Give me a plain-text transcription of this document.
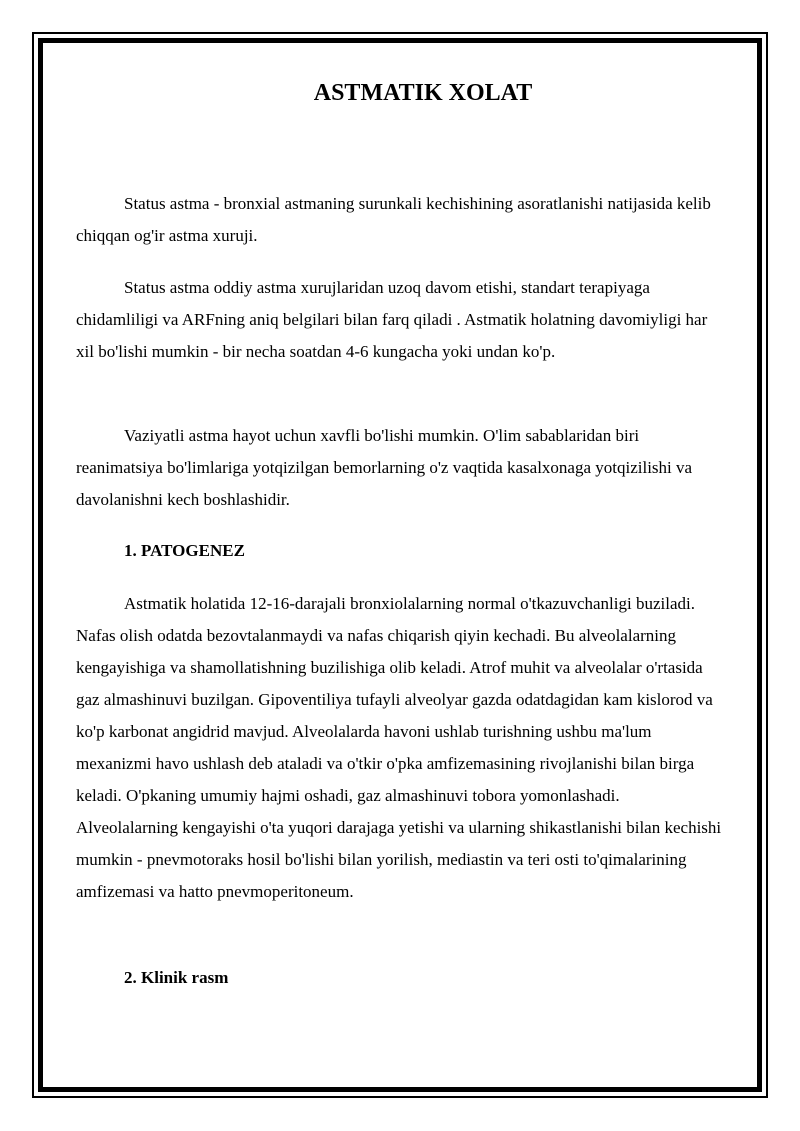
ASTMATIK XOLAT

Status astma - bronxial astmaning surunkali kechishining asoratlanishi natijasida kelib chiqqan og'ir astma xuruji.

Status astma oddiy astma xurujlaridan uzoq davom etishi, standart terapiyaga chidamliligi va ARFning aniq belgilari bilan farq qiladi . Astmatik holatning davomiyligi har xil bo'lishi mumkin - bir necha soatdan 4-6 kungacha yoki undan ko'p.

Vaziyatli astma hayot uchun xavfli bo'lishi mumkin. O'lim sabablaridan biri reanimatsiya bo'limlariga yotqizilgan bemorlarning o'z vaqtida kasalxonaga yotqizilishi va davolanishni kech boshlashidir.

1. PATOGENEZ

Astmatik holatida 12-16-darajali bronxiolalarning normal o'tkazuvchanligi buziladi. Nafas olish odatda bezovtalanmaydi va nafas chiqarish qiyin kechadi. Bu alveolalarning kengayishiga va shamollatishning buzilishiga olib keladi. Atrof muhit va alveolalar o'rtasida gaz almashinuvi buzilgan. Gipoventiliya tufayli alveolyar gazda odatdagidan kam kislorod va ko'p karbonat angidrid mavjud. Alveolalarda havoni ushlab turishning ushbu ma'lum mexanizmi havo ushlash deb ataladi va o'tkir o'pka amfizemasining rivojlanishi bilan birga keladi. O'pkaning umumiy hajmi oshadi, gaz almashinuvi tobora yomonlashadi. Alveolalarning kengayishi o'ta yuqori darajaga yetishi va ularning shikastlanishi bilan kechishi mumkin - pnevmotoraks hosil bo'lishi bilan yorilish, mediastin va teri osti to'qimalarining amfizemasi va hatto pnevmoperitoneum.

2. Klinik rasm
